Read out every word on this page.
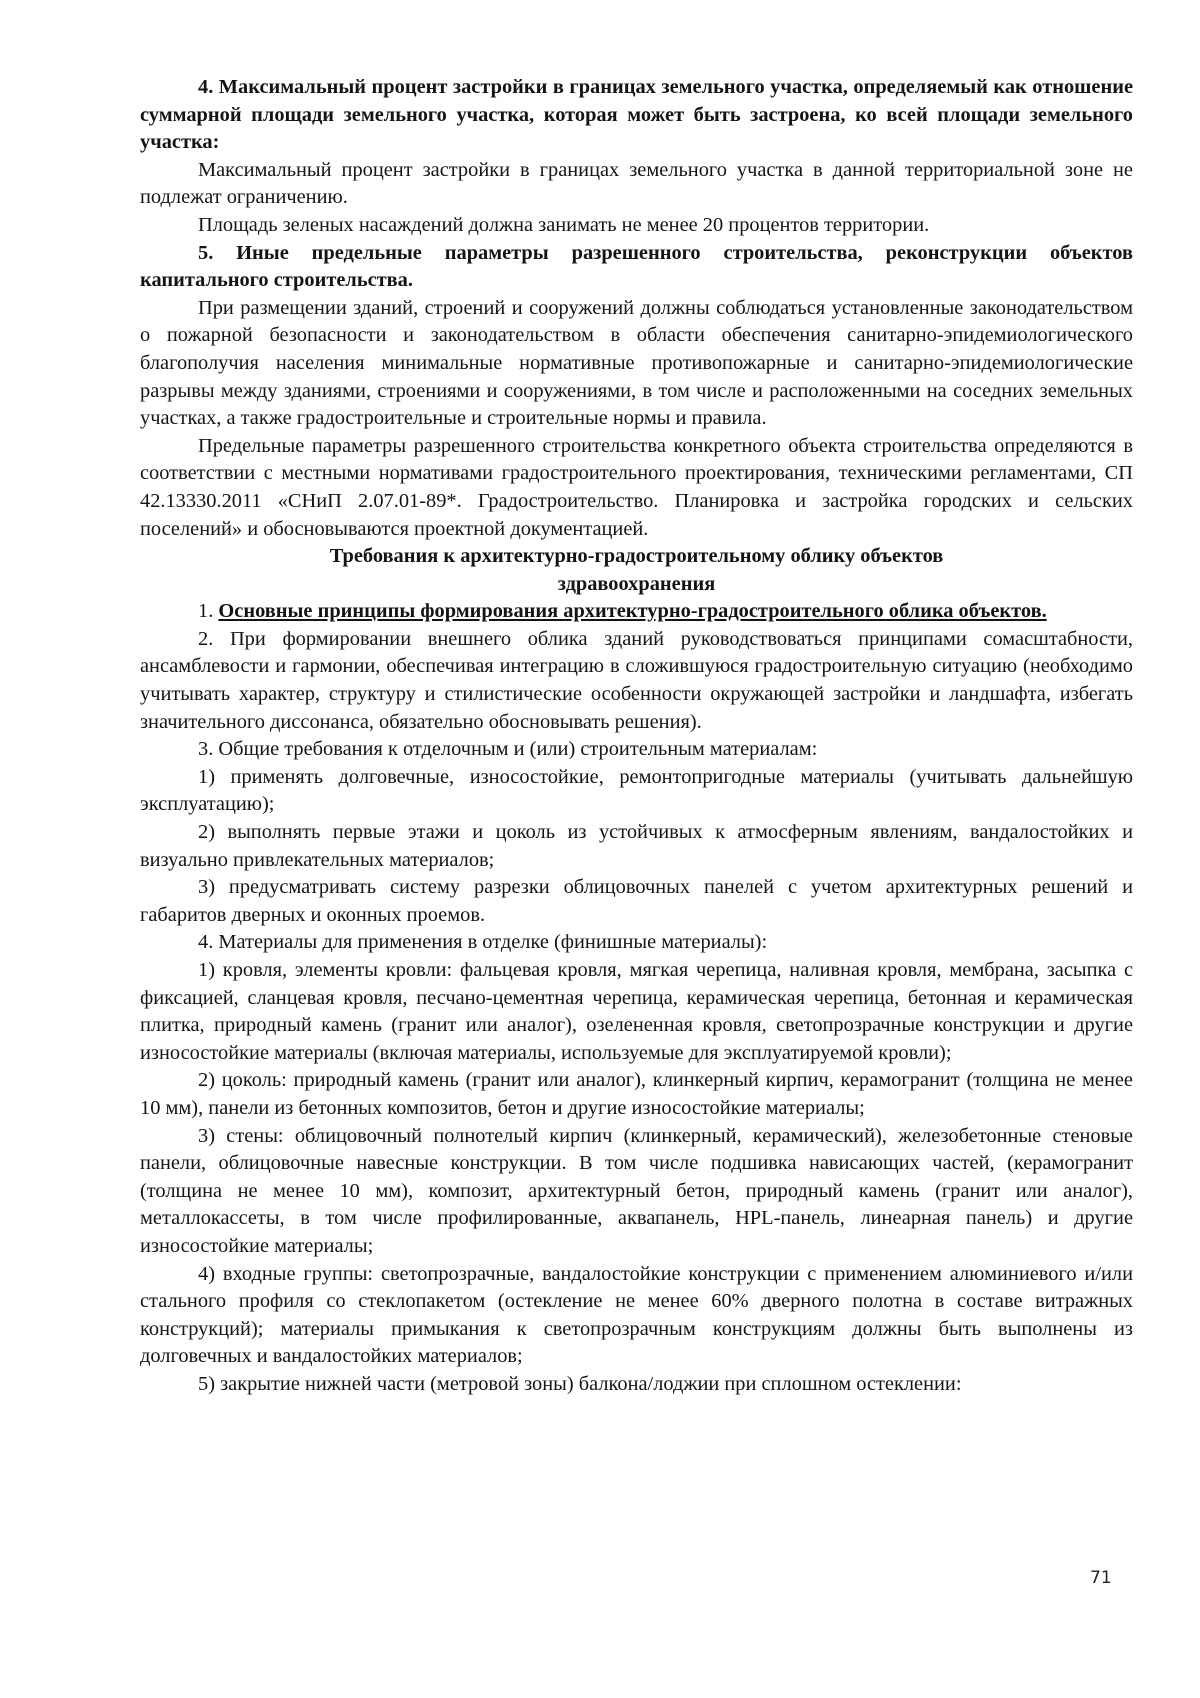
4. Максимальный процент застройки в границах земельного участка, определяемый как отношение суммарной площади земельного участка, которая может быть застроена, ко всей площади земельного участка:

Максимальный процент застройки в границах земельного участка в данной территориальной зоне не подлежат ограничению.

Площадь зеленых насаждений должна занимать не менее 20 процентов территории.

5. Иные предельные параметры разрешенного строительства, реконструкции объектов капитального строительства.

При размещении зданий, строений и сооружений должны соблюдаться установленные законодательством о пожарной безопасности и законодательством в области обеспечения санитарно-эпидемиологического благополучия населения минимальные нормативные противопожарные и санитарно-эпидемиологические разрывы между зданиями, строениями и сооружениями, в том числе и расположенными на соседних земельных участках, а также градостроительные и строительные нормы и правила.

Предельные параметры разрешенного строительства конкретного объекта строительства определяются в соответствии с местными нормативами градостроительного проектирования, техническими регламентами, СП 42.13330.2011 «СНиП 2.07.01-89*. Градостроительство. Планировка и застройка городских и сельских поселений» и обосновываются проектной документацией.

Требования к архитектурно-градостроительному облику объектов
здравоохранения

1. Основные принципы формирования архитектурно-градостроительного облика объектов.

2. При формировании внешнего облика зданий руководствоваться принципами сомасштабности, ансамблевости и гармонии, обеспечивая интеграцию в сложившуюся градостроительную ситуацию (необходимо учитывать характер, структуру и стилистические особенности окружающей застройки и ландшафта, избегать значительного диссонанса, обязательно обосновывать решения).

3. Общие требования к отделочным и (или) строительным материалам:

1) применять долговечные, износостойкие, ремонтопригодные материалы (учитывать дальнейшую эксплуатацию);

2) выполнять первые этажи и цоколь из устойчивых к атмосферным явлениям, вандалостойких и визуально привлекательных материалов;

3) предусматривать систему разрезки облицовочных панелей с учетом архитектурных решений и габаритов дверных и оконных проемов.

4. Материалы для применения в отделке (финишные материалы):

1) кровля, элементы кровли: фальцевая кровля, мягкая черепица, наливная кровля, мембрана, засыпка с фиксацией, сланцевая кровля, песчано-цементная черепица, керамическая черепица, бетонная и керамическая плитка, природный камень (гранит или аналог), озелененная кровля, светопрозрачные конструкции и другие износостойкие материалы (включая материалы, используемые для эксплуатируемой кровли);

2) цоколь: природный камень (гранит или аналог), клинкерный кирпич, керамогранит (толщина не менее 10 мм), панели из бетонных композитов, бетон и другие износостойкие материалы;

3) стены: облицовочный полнотелый кирпич (клинкерный, керамический), железобетонные стеновые панели, облицовочные навесные конструкции. В том числе подшивка нависающих частей, (керамогранит (толщина не менее 10 мм), композит, архитектурный бетон, природный камень (гранит или аналог), металлокассеты, в том числе профилированные, аквапанель, HPL-панель, линеарная панель) и другие износостойкие материалы;

4) входные группы: светопрозрачные, вандалостойкие конструкции с применением алюминиевого и/или стального профиля со стеклопакетом (остекление не менее 60% дверного полотна в составе витражных конструкций); материалы примыкания к светопрозрачным конструкциям должны быть выполнены из долговечных и вандалостойких материалов;

5) закрытие нижней части (метровой зоны) балкона/лоджии при сплошном остеклении:

71
